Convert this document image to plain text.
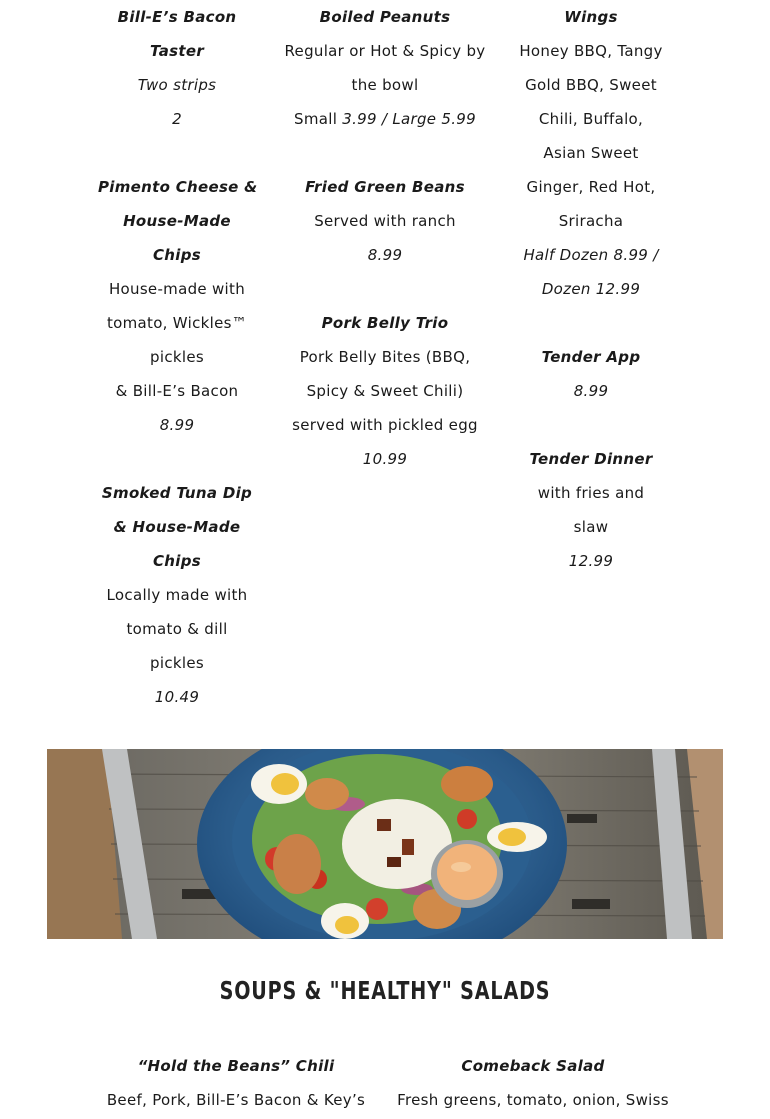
Bill-E’s Bacon
Taster
Two strips
2
Pimento Cheese &
House-Made
Chips
House-made with
tomato, Wickles™
pickles
& Bill-E’s Bacon
8.99
Smoked Tuna Dip
& House-Made
Chips
Locally made with
tomato & dill
pickles
10.49
Boiled Peanuts
Regular or Hot & Spicy by
the bowl
Small 3.99 / Large 5.99
Fried Green Beans
Served with ranch
8.99
Pork Belly Trio
Pork Belly Bites (BBQ,
Spicy & Sweet Chili)
served with pickled egg
10.99
Wings
Honey BBQ, Tangy
Gold BBQ, Sweet
Chili, Buffalo,
Asian Sweet
Ginger, Red Hot,
Sriracha
Half Dozen 8.99 /
Dozen 12.99
Tender App
8.99
Tender Dinner
with fries and
slaw
12.99
SOUPS & "HEALTHY" SALADS
“Hold the Beans” Chili
Beef, Pork, Bill-E’s Bacon & Key’s
Comeback Salad
Fresh greens, tomato, onion, Swiss
